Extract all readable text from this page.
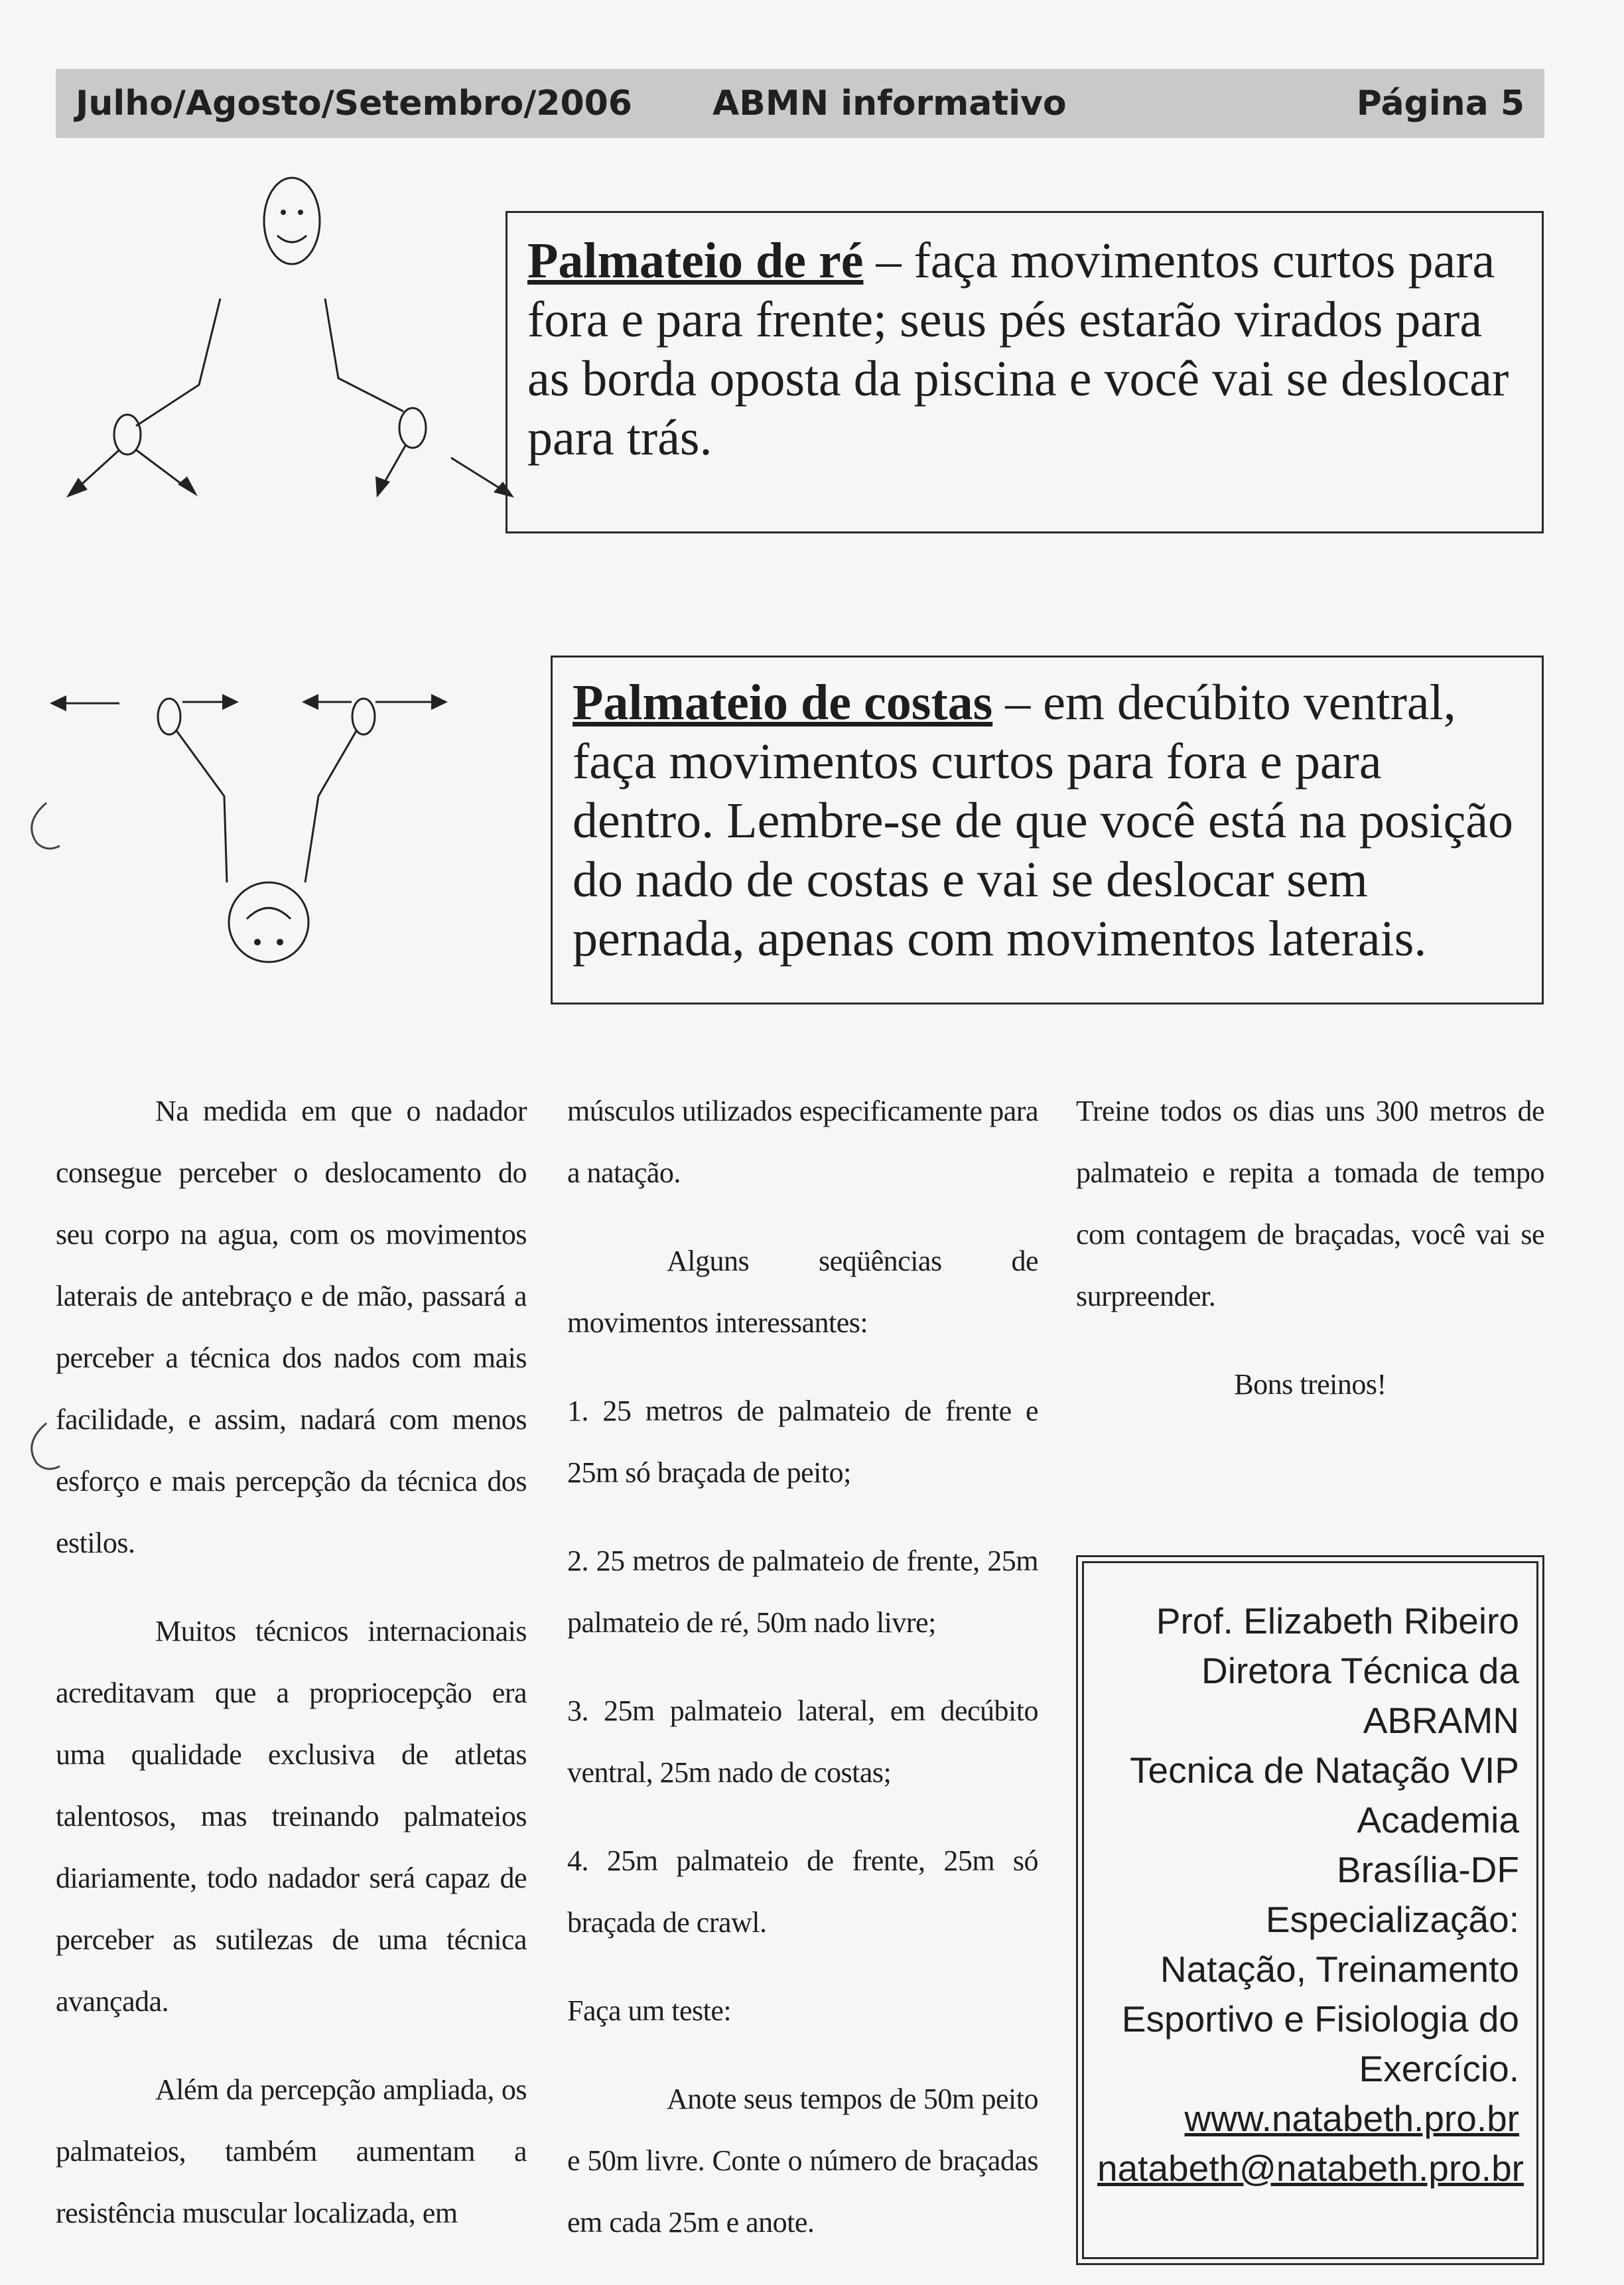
Julho/Agosto/Setembro/2006 ABMN informativo	Página 5
Palmateio de ré – faça movimentos curtos para fora e para frente; seus pés estarão virados para as borda oposta da piscina e você vai se deslocar para trás.
Palmateio de costas – em decúbito ventral, faça movimentos curtos para fora e para dentro. Lembre-se de que você está na posição do nado de costas e vai se deslocar sem pernada, apenas com movimentos laterais.

Na medida em que o nadador consegue perceber o deslocamento do seu corpo na agua, com os movimentos laterais de antebraço e de mão, passará a perceber a técnica dos nados com mais facilidade, e assim, nadará com menos esforço e mais percepção da técnica dos estilos.

Muitos técnicos internacionais acreditavam que a propriocepção era uma qualidade exclusiva de atletas talentosos, mas treinando palmateios diariamente, todo nadador será capaz de perceber as sutilezas de uma técnica avançada.

Além da percepção ampliada, os palmateios, também aumentam a resistência muscular localizada, em

músculos utilizados especificamente para a natação.

Alguns seqüências de movimentos interessantes:

1. 25 metros de palmateio de frente e 25m só braçada de peito;

2. 25 metros de palmateio de frente, 25m palmateio de ré, 50m nado livre;

3. 25m palmateio lateral, em decúbito ventral, 25m nado de costas;

4. 25m palmateio de frente, 25m só braçada de crawl.

Faça um teste:

Anote seus tempos de 50m peito e 50m livre. Conte o número de braçadas em cada 25m e anote.

Treine todos os dias uns 300 metros de palmateio e repita a tomada de tempo com contagem de braçadas, você vai se surpreender.

Bons treinos!

Prof. Elizabeth Ribeiro
Diretora Técnica da
ABRAMN
Tecnica de Natação VIP
Academia
Brasília-DF
Especialização:
Natação, Treinamento
Esportivo e Fisiologia do
Exercício.
www.natabeth.pro.br
natabeth@natabeth.pro.br
